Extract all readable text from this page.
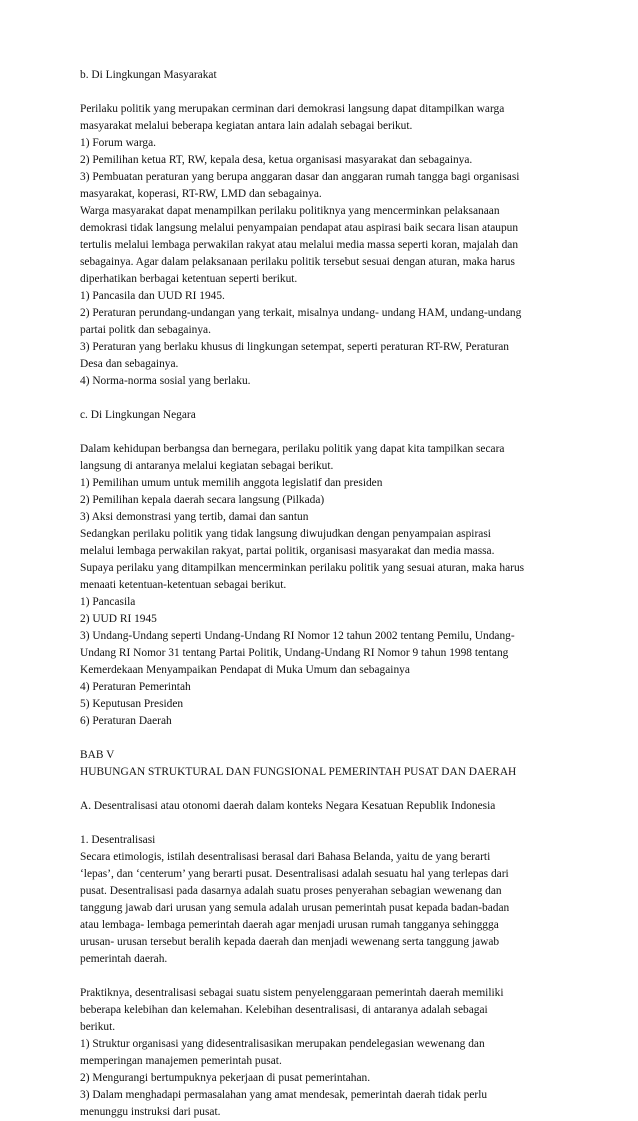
b. Di Lingkungan Masyarakat
Perilaku politik yang merupakan cerminan dari demokrasi langsung dapat ditampilkan warga
masyarakat melalui beberapa kegiatan antara lain adalah sebagai berikut.
1) Forum warga.
2) Pemilihan ketua RT, RW, kepala desa, ketua organisasi masyarakat dan sebagainya.
3) Pembuatan peraturan yang berupa anggaran dasar dan anggaran rumah tangga bagi organisasi
masyarakat, koperasi, RT-RW, LMD dan sebagainya.
Warga masyarakat dapat menampilkan perilaku politiknya yang mencerminkan pelaksanaan
demokrasi tidak langsung melalui penyampaian pendapat atau aspirasi baik secara lisan ataupun
tertulis melalui lembaga perwakilan rakyat atau melalui media massa seperti koran, majalah dan
sebagainya. Agar dalam pelaksanaan perilaku politik tersebut sesuai dengan aturan, maka harus
diperhatikan berbagai ketentuan seperti berikut.
1) Pancasila dan UUD RI 1945.
2) Peraturan perundang-undangan yang terkait, misalnya undang- undang HAM, undang-undang
partai politk dan sebagainya.
3) Peraturan yang berlaku khusus di lingkungan setempat, seperti peraturan RT-RW, Peraturan
Desa dan sebagainya.
4) Norma-norma sosial yang berlaku.
c. Di Lingkungan Negara
Dalam kehidupan berbangsa dan bernegara, perilaku politik yang dapat kita tampilkan secara
langsung di antaranya melalui kegiatan sebagai berikut.
1) Pemilihan umum untuk memilih anggota legislatif dan presiden
2) Pemilihan kepala daerah secara langsung (Pilkada)
3) Aksi demonstrasi yang tertib, damai dan santun
Sedangkan perilaku politik yang tidak langsung diwujudkan dengan penyampaian aspirasi
melalui lembaga perwakilan rakyat, partai politik, organisasi masyarakat dan media massa.
Supaya perilaku yang ditampilkan mencerminkan perilaku politik yang sesuai aturan, maka harus
menaati ketentuan-ketentuan sebagai berikut.
1) Pancasila
2) UUD RI 1945
3) Undang-Undang seperti Undang-Undang RI Nomor 12 tahun 2002 tentang Pemilu, Undang-
Undang RI Nomor 31 tentang Partai Politik, Undang-Undang RI Nomor 9 tahun 1998 tentang
Kemerdekaan Menyampaikan Pendapat di Muka Umum dan sebagainya
4) Peraturan Pemerintah
5) Keputusan Presiden
6) Peraturan Daerah
BAB V
HUBUNGAN STRUKTURAL DAN FUNGSIONAL PEMERINTAH PUSAT DAN DAERAH
A. Desentralisasi atau otonomi daerah dalam konteks Negara Kesatuan Republik Indonesia
1. Desentralisasi
Secara etimologis, istilah desentralisasi berasal dari Bahasa Belanda, yaitu de yang berarti
‘lepas’, dan ‘centerum’ yang berarti pusat. Desentralisasi adalah sesuatu hal yang terlepas dari
pusat. Desentralisasi pada dasarnya adalah suatu proses penyerahan sebagian wewenang dan
tanggung jawab dari urusan yang semula adalah urusan pemerintah pusat kepada badan-badan
atau lembaga- lembaga pemerintah daerah agar menjadi urusan rumah tangganya sehinggga
urusan- urusan tersebut beralih kepada daerah dan menjadi wewenang serta tanggung jawab
pemerintah daerah.
Praktiknya, desentralisasi sebagai suatu sistem penyelenggaraan pemerintah daerah memiliki
beberapa kelebihan dan kelemahan. Kelebihan desentralisasi, di antaranya adalah sebagai
berikut.
1) Struktur organisasi yang didesentralisasikan merupakan pendelegasian wewenang dan
memperingan manajemen pemerintah pusat.
2) Mengurangi bertumpuknya pekerjaan di pusat pemerintahan.
3) Dalam menghadapi permasalahan yang amat mendesak, pemerintah daerah tidak perlu
menunggu instruksi dari pusat.
